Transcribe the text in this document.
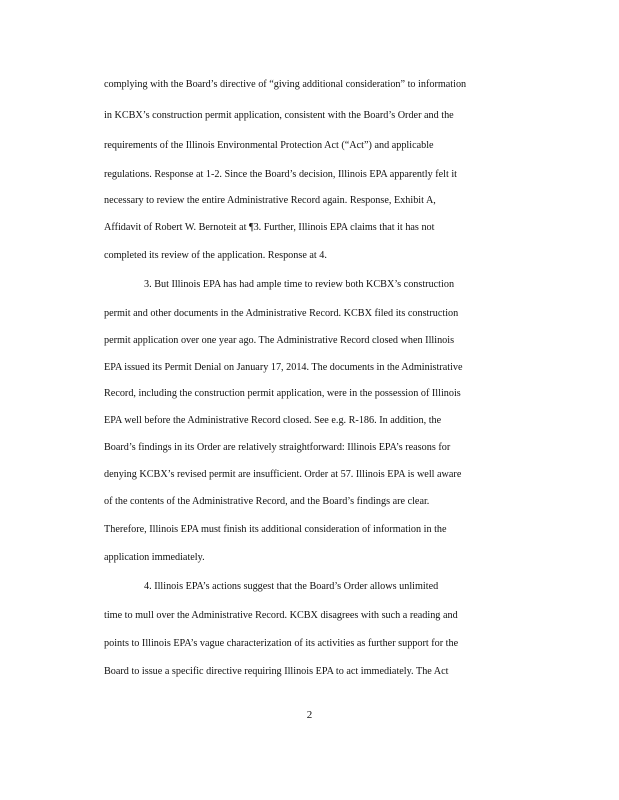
complying with the Board’s directive of “giving additional consideration” to information
in KCBX’s construction permit application, consistent with the Board’s Order and the
requirements of the Illinois Environmental Protection Act (“Act”) and applicable
regulations. Response at 1-2. Since the Board’s decision, Illinois EPA apparently felt it
necessary to review the entire Administrative Record again. Response, Exhibit A,
Affidavit of Robert W. Bernoteit at ¶3. Further, Illinois EPA claims that it has not
completed its review of the application. Response at 4.
3. But Illinois EPA has had ample time to review both KCBX’s construction
permit and other documents in the Administrative Record. KCBX filed its construction
permit application over one year ago. The Administrative Record closed when Illinois
EPA issued its Permit Denial on January 17, 2014. The documents in the Administrative
Record, including the construction permit application, were in the possession of Illinois
EPA well before the Administrative Record closed. See e.g. R-186. In addition, the
Board’s findings in its Order are relatively straightforward: Illinois EPA’s reasons for
denying KCBX’s revised permit are insufficient. Order at 57. Illinois EPA is well aware
of the contents of the Administrative Record, and the Board’s findings are clear.
Therefore, Illinois EPA must finish its additional consideration of information in the
application immediately.
4. Illinois EPA’s actions suggest that the Board’s Order allows unlimited
time to mull over the Administrative Record. KCBX disagrees with such a reading and
points to Illinois EPA’s vague characterization of its activities as further support for the
Board to issue a specific directive requiring Illinois EPA to act immediately. The Act
2
